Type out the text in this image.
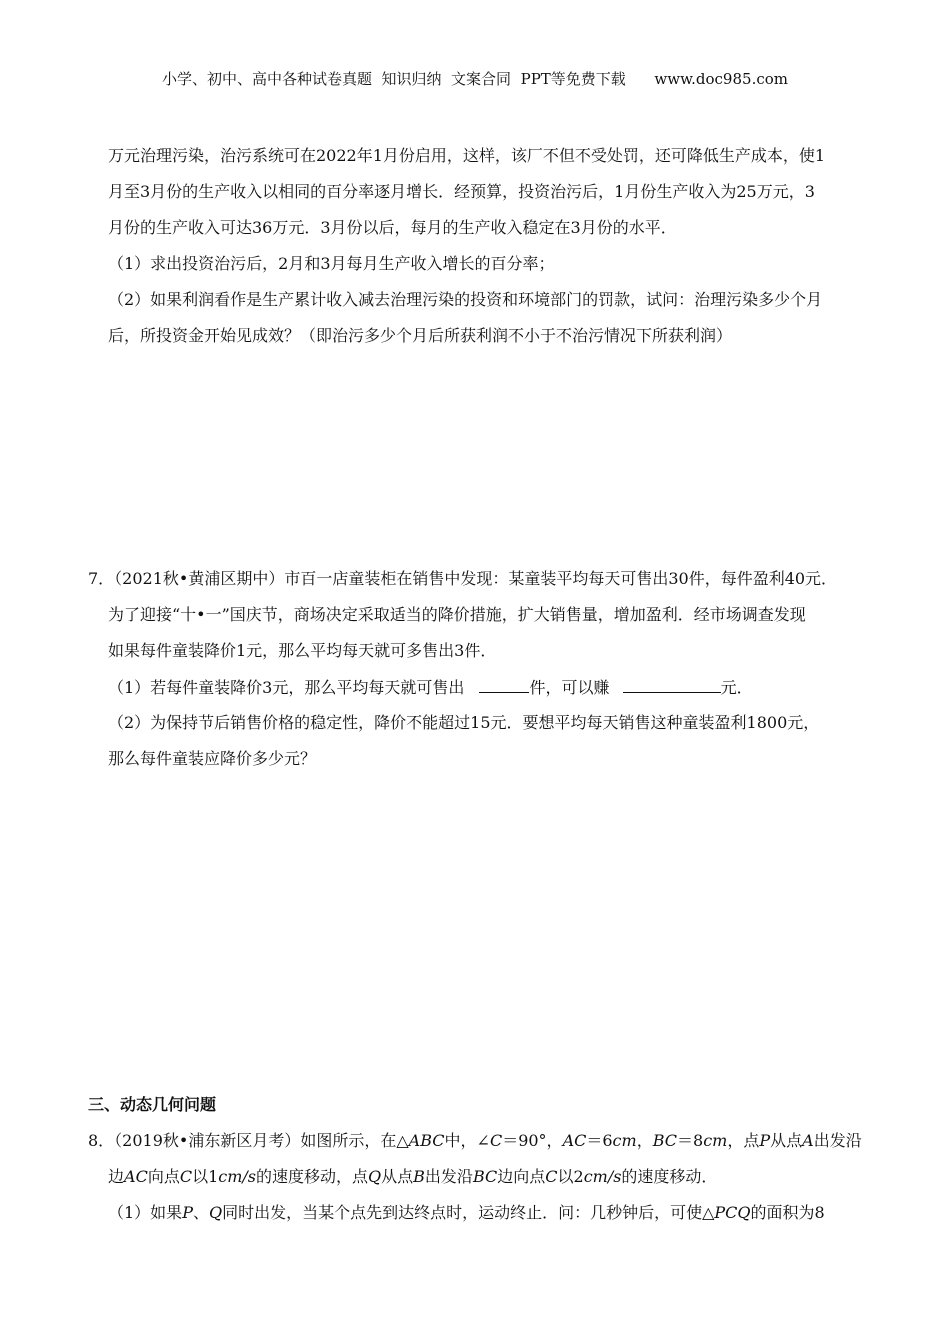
小学、初中、高中各种试卷真题  知识归纳  文案合同  PPT等免费下载      www.doc985.com
万元治理污染，治污系统可在2022年1月份启用，这样，该厂不但不受处罚，还可降低生产成本，使1
月至3月份的生产收入以相同的百分率逐月增长．经预算，投资治污后，1月份生产收入为25万元，3
月份的生产收入可达36万元．3月份以后，每月的生产收入稳定在3月份的水平．
（1）求出投资治污后，2月和3月每月生产收入增长的百分率；
（2）如果利润看作是生产累计收入减去治理污染的投资和环境部门的罚款，试问：治理污染多少个月
后，所投资金开始见成效？（即治污多少个月后所获利润不小于不治污情况下所获利润）
7．（2021秋•黄浦区期中）市百一店童装柜在销售中发现：某童装平均每天可售出30件，每件盈利40元．
为了迎接“十•一”国庆节，商场决定采取适当的降价措施，扩大销售量，增加盈利．经市场调查发现
如果每件童装降价1元，那么平均每天就可多售出3件．
（1）若每件童装降价3元，那么平均每天就可售出	件，可以赚	元．
（2）为保持节后销售价格的稳定性，降价不能超过15元．要想平均每天销售这种童装盈利1800元，
那么每件童装应降价多少元？
三、动态几何问题
8．（2019秋•浦东新区月考）如图所示，在△ABC中，∠C＝90°，AC＝6cm，BC＝8cm，点P从点A出发沿
边AC向点C以1cm/s的速度移动，点Q从点B出发沿BC边向点C以2cm/s的速度移动．
（1）如果P、Q同时出发，当某个点先到达终点时，运动终止．问：几秒钟后，可使△PCQ的面积为8
